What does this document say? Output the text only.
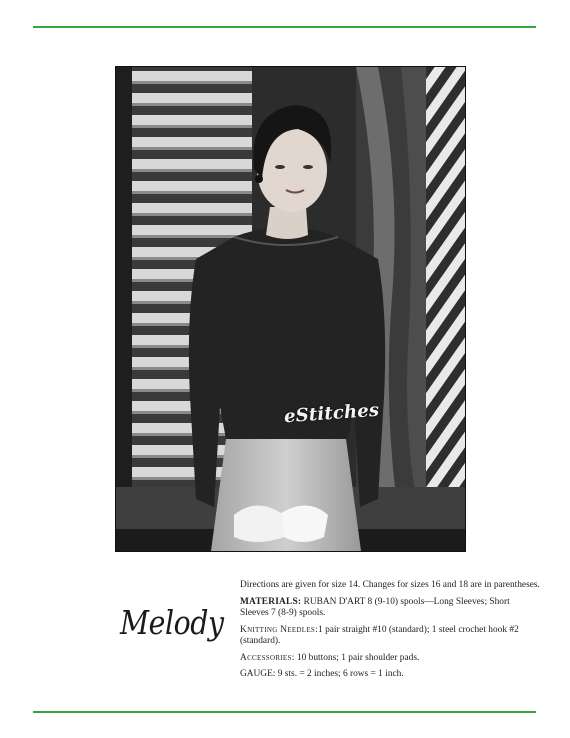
eStitches
Melody

Directions are given for size 14. Changes for sizes 16 and 18 are in parentheses.

MATERIALS: RUBAN D'ART 8 (9-10) spools—Long Sleeves; Short Sleeves 7 (8-9) spools.

Knitting Needles:1 pair straight #10 (standard); 1 steel crochet hook #2 (standard).

Accessories: 10 buttons; 1 pair shoulder pads.

GAUGE: 9 sts. = 2 inches; 6 rows = 1 inch.
